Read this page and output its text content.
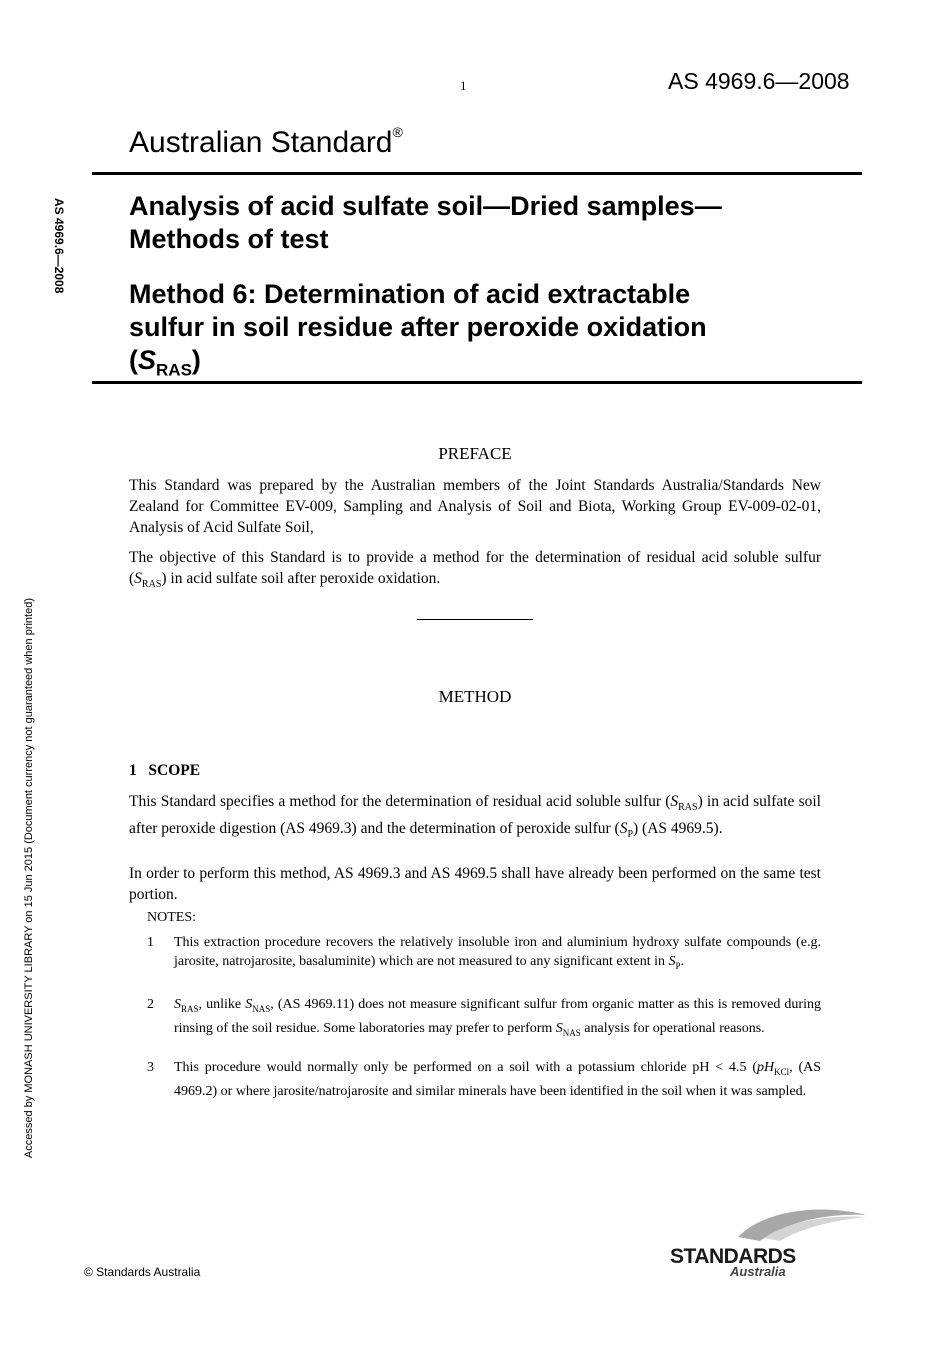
1	AS 4969.6—2008
Australian Standard®
Analysis of acid sulfate soil—Dried samples—
Methods of test
Method 6: Determination of acid extractable
sulfur in soil residue after peroxide oxidation
$(S_{RAS})$
AS 4969.6—2008
Accessed by MONASH UNIVERSITY LIBRARY on 15 Jun 2015 (Document currency not guaranteed when printed)
PREFACE

This Standard was prepared by the Australian members of the Joint Standards Australia/Standards New Zealand for Committee EV-009, Sampling and Analysis of Soil and Biota, Working Group EV-009-02-01, Analysis of Acid Sulfate Soil,

The objective of this Standard is to provide a method for the determination of residual acid soluble sulfur $(S_{RAS})$ in acid sulfate soil after peroxide oxidation.

METHOD
1   SCOPE

This Standard specifies a method for the determination of residual acid soluble sulfur $(S_{RAS})$ in acid sulfate soil after peroxide digestion (AS 4969.3) and the determination of peroxide sulfur $(S_P)$ (AS 4969.5).

In order to perform this method, AS 4969.3 and AS 4969.5 shall have already been performed on the same test portion.

NOTES:
1	This extraction procedure recovers the relatively insoluble iron and aluminium hydroxy sulfate compounds (e.g. jarosite, natrojarosite, basaluminite) which are not measured to any significant extent in $S_P$.
2	$S_{RAS}$, unlike $S_{NAS}$, (AS 4969.11) does not measure significant sulfur from organic matter as this is removed during rinsing of the soil residue. Some laboratories may prefer to perform $S_{NAS}$ analysis for operational reasons.
3	This procedure would normally only be performed on a soil with a potassium chloride pH < 4.5 ($pH_{KCl}$, (AS 4969.2) or where jarosite/natrojarosite and similar minerals have been identified in the soil when it was sampled.
© Standards Australia
STANDARDS
Australia
